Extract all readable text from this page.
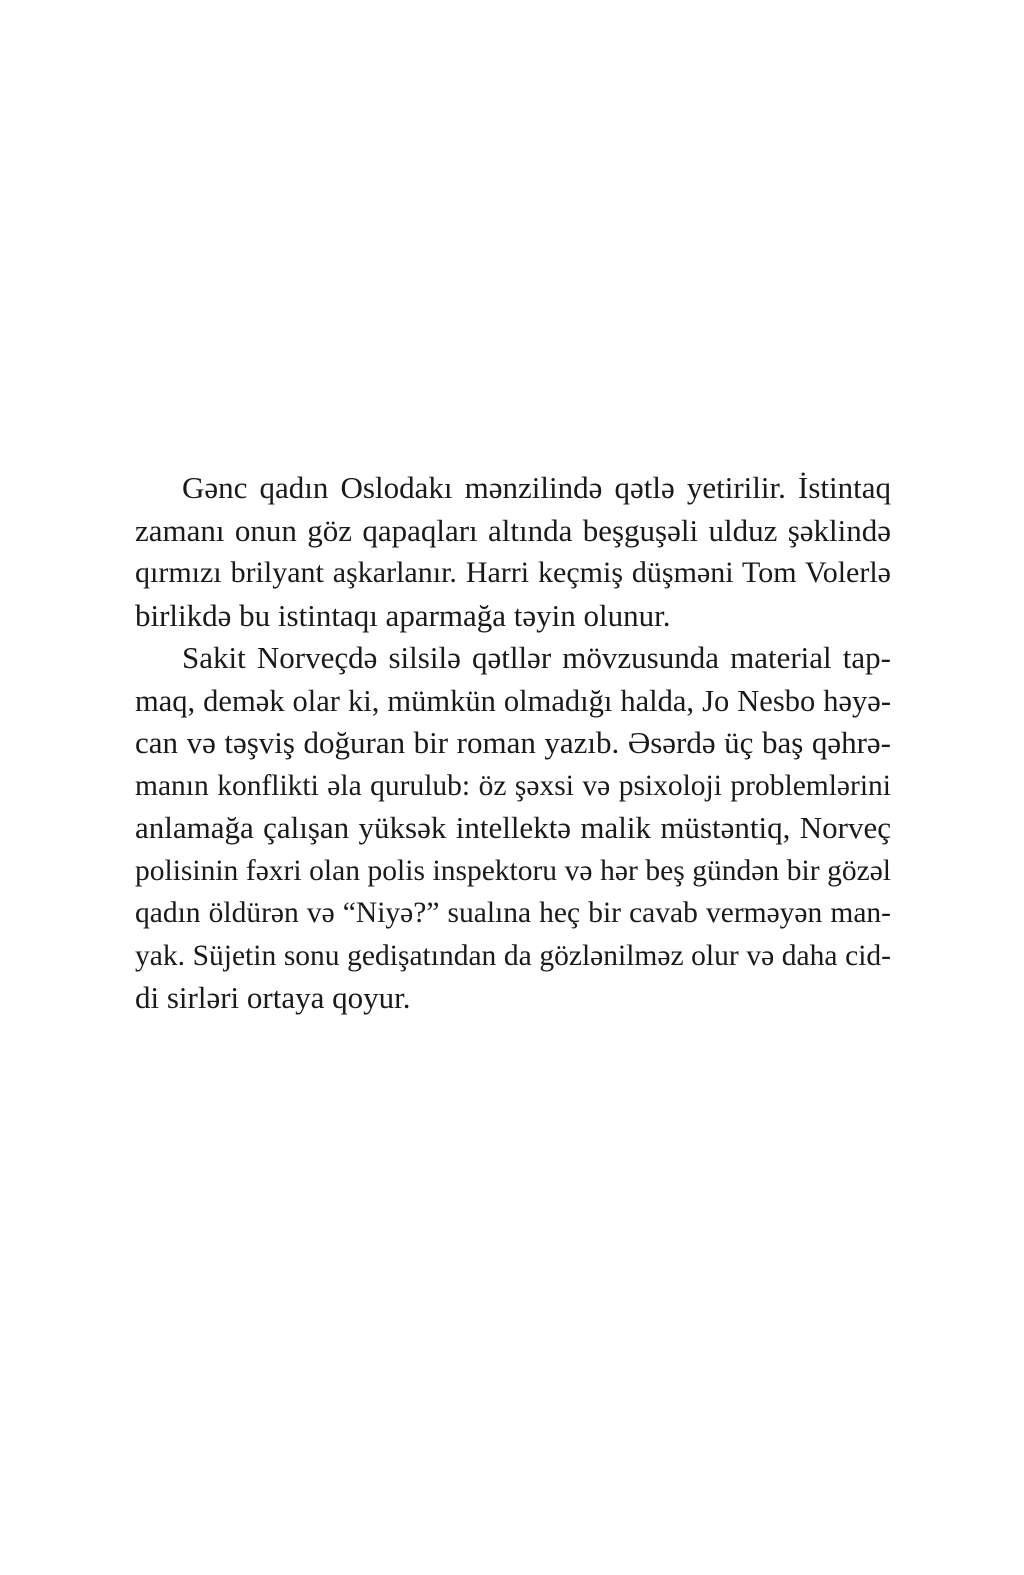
Gənc qadın Oslodakı mənzilində qətlə yetirilir. İstintaq
zamanı onun göz qapaqları altında beşguşəli ulduz şəklində
qırmızı brilyant aşkarlanır. Harri keçmiş düşməni Tom Volerlə
birlikdə bu istintaqı aparmağa təyin olunur.
Sakit Norveçdə silsilə qətllər mövzusunda material tap-
maq, demək olar ki, mümkün olmadığı halda, Jo Nesbo həyə-
can və təşviş doğuran bir roman yazıb. Əsərdə üç baş qəhrə-
manın konflikti əla qurulub: öz şəxsi və psixoloji problemlərini
anlamağa çalışan yüksək intellektə malik müstəntiq, Norveç
polisinin fəxri olan polis inspektoru və hər beş gündən bir gözəl
qadın öldürən və “Niyə?” sualına heç bir cavab verməyən man-
yak. Süjetin sonu gedişatından da gözlənilməz olur və daha cid-
di sirləri ortaya qoyur.
